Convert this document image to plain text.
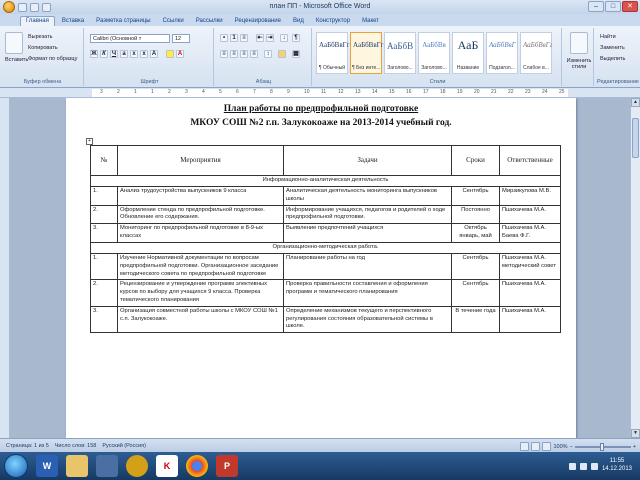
план ПП - Microsoft Office Word	–	□	✕
Главная	Вставка	Разметка страницы	Ссылки	Рассылки	Рецензирование	Вид	Конструктор	Макет
Вставить
Вырезать
Копировать
Формат по образцу
Буфер обмена
Calibri (Основной т	12
Ж К	Ч	a	x	x	A	A
Шрифт
•	1	≡	⇤ ⇥	↓	¶
≡	≡	≡	≡	↕	▦
Абзац
АаБбВвГг
¶ Обычный
АаБбВвГг
¶ Без инте...
АаБбВ
Заголово...
АаБбВв
Заголово...
АаБ
Название
АаБбВвГ
Подзагол...
АаБбВвГг
Слабое в...
Стили
Изменить стили
Найти
Заменить
Выделить
Редактирование
3	2	1	1	2	3	4	5	6	7	8	9	10 11 12 13 14 15 16 17 18 19 20 21 22 23 24 25
План работы по предпрофильной подготовке
МКОУ СОШ №2 г.п. Залукокоаже на 2013-2014 учебный год.
+
№	Мероприятия	Задачи	Сроки	Ответственные
Информационно-аналитическая деятельность				
1.	Анализ трудоустройства выпускников 9 класса	Аналитическая деятельность мониторинга выпускников школы	Сентябрь	Мирзикулова М.В.
2.	Оформление стенда по предпрофильной подготовке. Обновление его содержания.	Информирование учащихся, педагогов и родителей о ходе предпрофильной подготовки.	Постоянно	Пшихачева М.А.
3.	Мониторинг по предпрофильной подготовке в 8-9-ых классах	Выявление предпочтений учащихся	Октябрь январь, май	Пшихачева М.А. Баева Ф.Г.
Организационно-методическая работа.				
1.	Изучение Нормативной документации по вопросам предпрофильной подготовки. Организационное заседание методического совета по предпрофильной подготовке	Планирование работы на год	Сентябрь	Пшихачева М.А. методический совет
2.	Рецензирование и утверждение программ элективных курсов по выбору для учащихся 9 класса. Проверка тематического планирования	Проверка правильности составления и оформления программ и тематического планирования	Сентябрь	Пшихачева М.А.
3.	Организация совместной работы школы с МКОУ СОШ №1 с.п. Залукокоаже.	Определение механизмов текущего и перспективного регулирования состояния образовательной системы в школе.	В течение года	Пшихачева М.А.
▲
▼
Страница: 1 из 5 Число слов: 158 Русский (Россия)	100% −	+
W	K	P	11:55
14.12.2013
